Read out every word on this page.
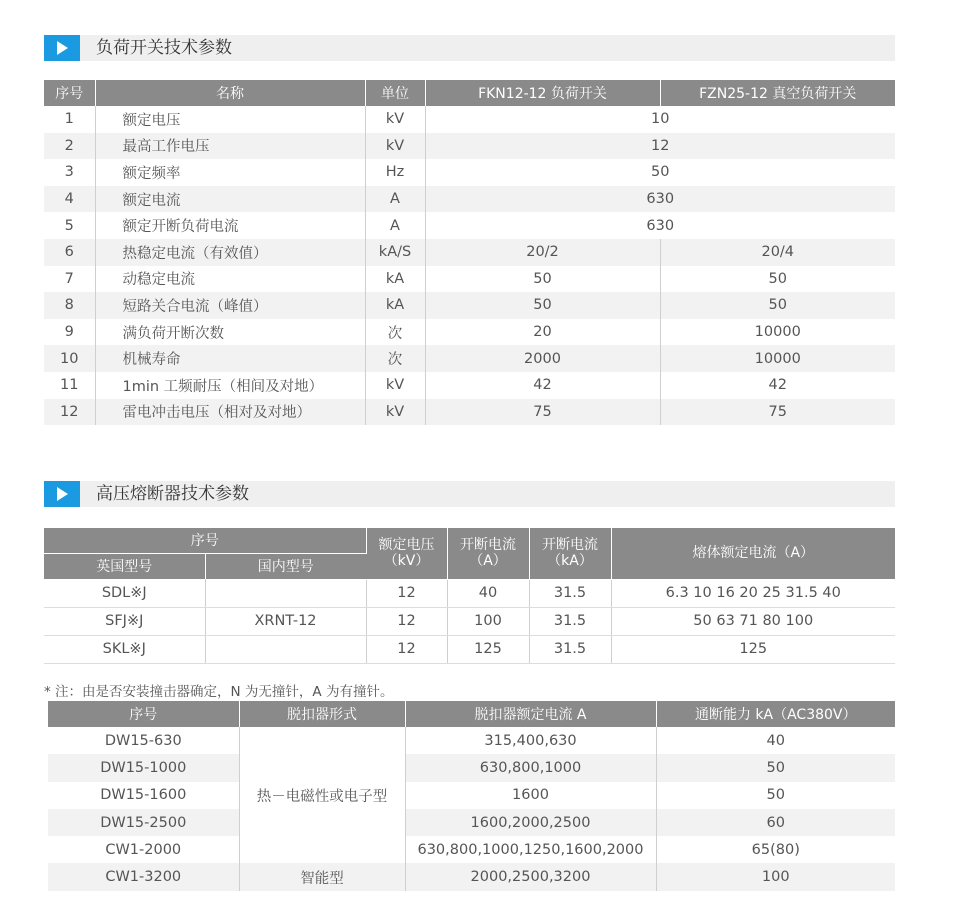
负荷开关技术参数
序号	名称	单位	FKN12-12 负荷开关	FZN25-12 真空负荷开关
1	额定电压	kV	10	
2	最高工作电压	kV	12	
3	额定频率	Hz	50	
4	额定电流	A	630	
5	额定开断负荷电流	A	630	
6	热稳定电流（有效值）	kA/S	20/2	20/4
7	动稳定电流	kA	50	50
8	短路关合电流（峰值）	kA	50	50
9	满负荷开断次数	次	20	10000
10	机械寿命	次	2000	10000
11	1min 工频耐压（相间及对地）	kV	42	42
12	雷电冲击电压（相对及对地）	kV	75	75
高压熔断器技术参数
序号		额定电压（kV）	开断电流（A）	开断电流（kA）	熔体额定电流（A）
英国型号	国内型号				
SDL※J		12	40	31.5	6.3 10 16 20 25 31.5 40
SFJ※J	XRNT-12	12	100	31.5	50 63 71 80 100
SKL※J		12	125	31.5	125
* 注：由是否安装撞击器确定，N 为无撞针，A 为有撞针。
序号	脱扣器形式	脱扣器额定电流 A	通断能力 kA（AC380V）
DW15-630	热－电磁性或电子型	315,400,630	40
DW15-1000		630,800,1000	50
DW15-1600		1600	50
DW15-2500		1600,2000,2500	60
CW1-2000		630,800,1000,1250,1600,2000	65(80)
CW1-3200	智能型	2000,2500,3200	100
